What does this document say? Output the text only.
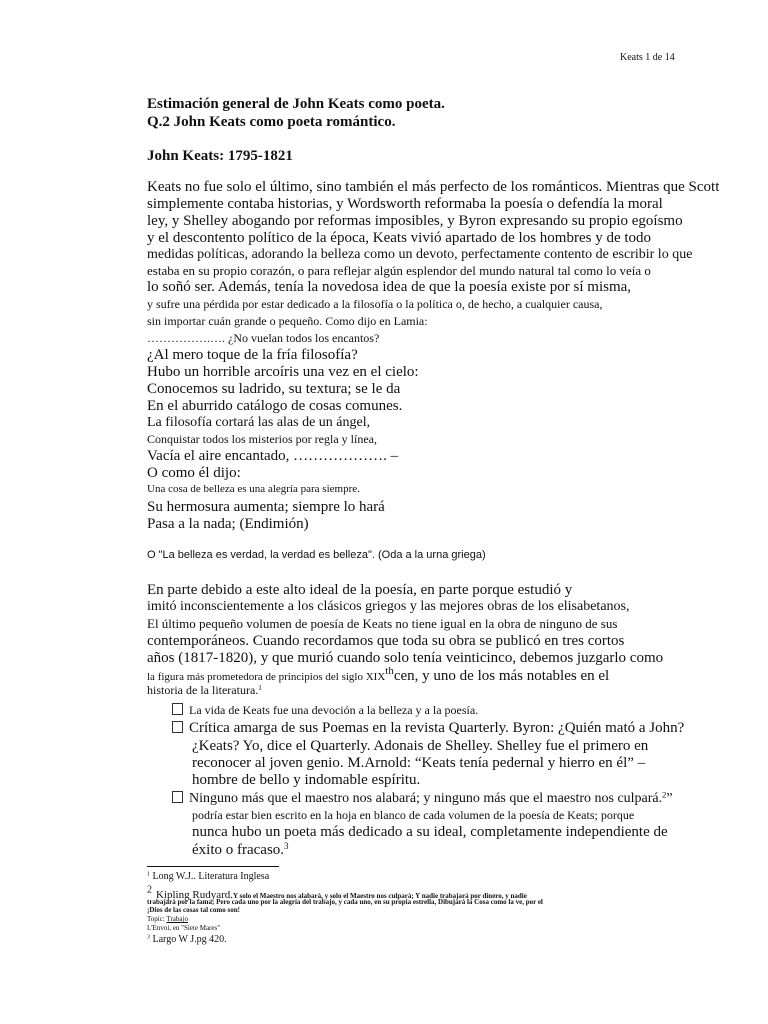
Keats 1 de 14
Estimación general de John Keats como poeta.
Q.2 John Keats como poeta romántico.
John Keats: 1795-1821
Keats no fue solo el último, sino también el más perfecto de los románticos. Mientras que Scott
simplemente contaba historias, y Wordsworth reformaba la poesía o defendía la moral
ley, y Shelley abogando por reformas imposibles, y Byron expresando su propio egoísmo
y el descontento político de la época, Keats vivió apartado de los hombres y de todo
medidas políticas, adorando la belleza como un devoto, perfectamente contento de escribir lo que
estaba en su propio corazón, o para reflejar algún esplendor del mundo natural tal como lo veía o
lo soñó ser. Además, tenía la novedosa idea de que la poesía existe por sí misma,
y sufre una pérdida por estar dedicado a la filosofía o la política o, de hecho, a cualquier causa,
sin importar cuán grande o pequeño. Como dijo en Lamia:
…………….…. ¿No vuelan todos los encantos?
¿Al mero toque de la fría filosofía?
Hubo un horrible arcoíris una vez en el cielo:
Conocemos su ladrido, su textura; se le da
En el aburrido catálogo de cosas comunes.
La filosofía cortará las alas de un ángel,
Conquistar todos los misterios por regla y línea,
Vacía el aire encantado, ………………. –
O como él dijo:
Una cosa de belleza es una alegría para siempre.
Su hermosura aumenta; siempre lo hará
Pasa a la nada; (Endimión)
O "La belleza es verdad, la verdad es belleza". (Oda a la urna griega)
En parte debido a este alto ideal de la poesía, en parte porque estudió y
imitó inconscientemente a los clásicos griegos y las mejores obras de los elisabetanos,
El último pequeño volumen de poesía de Keats no tiene igual en la obra de ninguno de sus
contemporáneos. Cuando recordamos que toda su obra se publicó en tres cortos
años (1817-1820), y que murió cuando solo tenía veinticinco, debemos juzgarlo como
la figura más prometedora de principios del siglo XIXthcen, y uno de los más notables en el
historia de la literatura.$^1$
La vida de Keats fue una devoción a la belleza y a la poesía.
Crítica amarga de sus Poemas en la revista Quarterly. Byron: ¿Quién mató a John?
¿Keats? Yo, dice el Quarterly. Adonais de Shelley. Shelley fue el primero en
reconocer al joven genio. M.Arnold: “Keats tenía pedernal y hierro en él” –
hombre de bello y indomable espíritu.
Ninguno más que el maestro nos alabará; y ninguno más que el maestro nos culpará.$^2$”
podría estar bien escrito en la hoja en blanco de cada volumen de la poesía de Keats; porque
nunca hubo un poeta más dedicado a su ideal, completamente independiente de
éxito o fracaso.$^3$
$^1$ Long W.J.. Literatura Inglesa
$^2$ Kipling Rudyard.Y solo el Maestro nos alabará, y solo el Maestro nos culpará; Y nadie trabajará por dinero, y nadie
trabajará por la fama; Pero cada uno por la alegría del trabajo, y cada uno, en su propia estrella, Dibujará la Cosa como la ve, por el
¡Dios de las cosas tal como son!
Topic: Trabajo
L'Envoi, en "Siete Mares"
$^3$ Largo W J.pg 420.
